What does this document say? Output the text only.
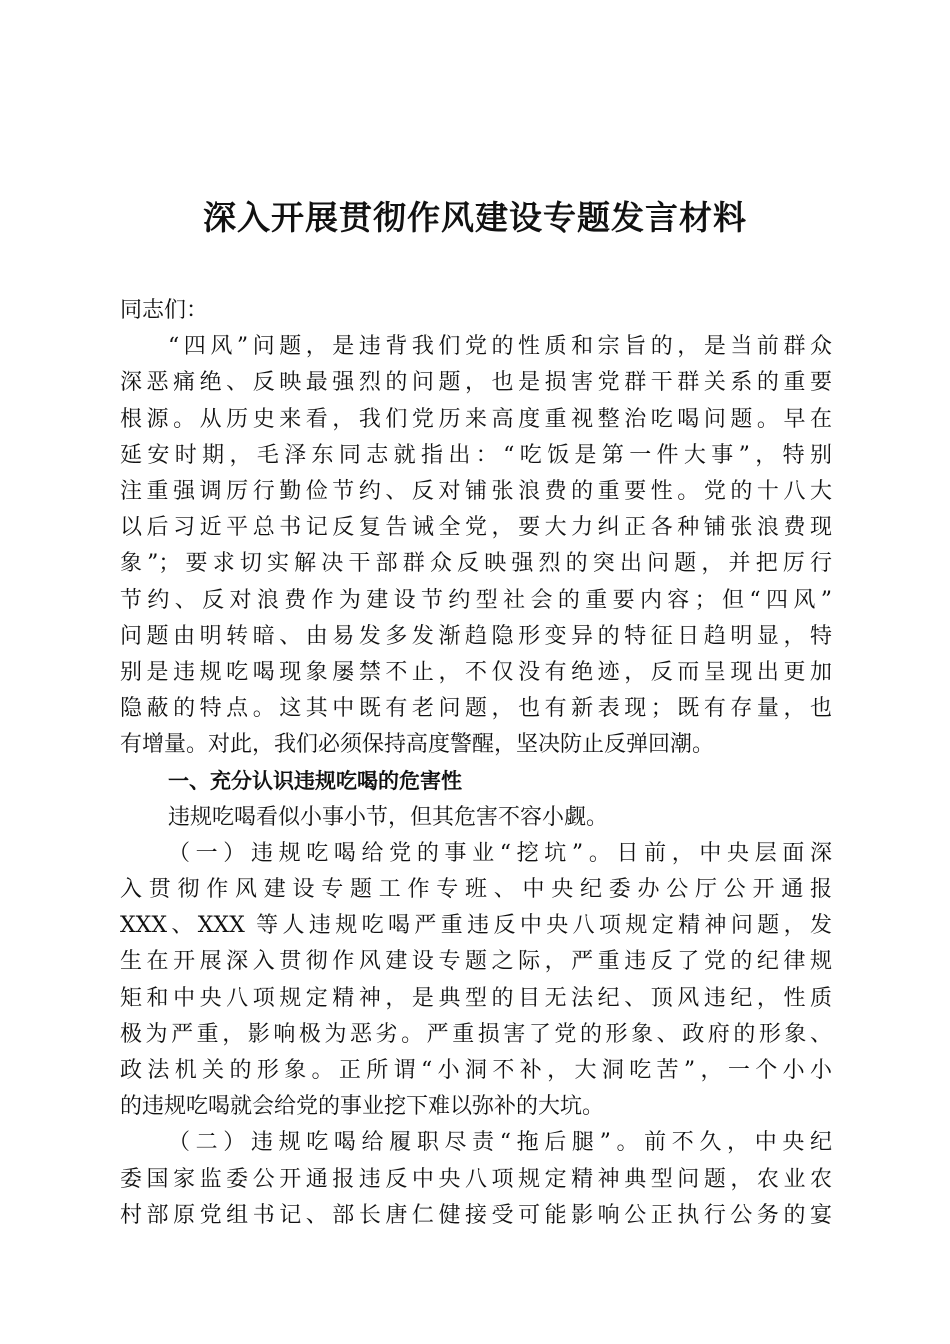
深入开展贯彻作风建设专题发言材料
同志们：
“四风”问题，是违背我们党的性质和宗旨的，是当前群众
深恶痛绝、反映最强烈的问题，也是损害党群干群关系的重要
根源。从历史来看，我们党历来高度重视整治吃喝问题。早在
延安时期，毛泽东同志就指出：“吃饭是第一件大事”，特别
注重强调厉行勤俭节约、反对铺张浪费的重要性。党的十八大
以后习近平总书记反复告诫全党，要大力纠正各种铺张浪费现
象”；要求切实解决干部群众反映强烈的突出问题，并把厉行
节约、反对浪费作为建设节约型社会的重要内容；但“四风”
问题由明转暗、由易发多发渐趋隐形变异的特征日趋明显，特
别是违规吃喝现象屡禁不止，不仅没有绝迹，反而呈现出更加
隐蔽的特点。这其中既有老问题，也有新表现；既有存量，也
有增量。对此，我们必须保持高度警醒，坚决防止反弹回潮。
一、充分认识违规吃喝的危害性
违规吃喝看似小事小节，但其危害不容小觑。
（一）违规吃喝给党的事业“挖坑”。日前，中央层面深
入贯彻作风建设专题工作专班、中央纪委办公厅公开通报
XXX、XXX 等人违规吃喝严重违反中央八项规定精神问题，发
生在开展深入贯彻作风建设专题之际，严重违反了党的纪律规
矩和中央八项规定精神，是典型的目无法纪、顶风违纪，性质
极为严重，影响极为恶劣。严重损害了党的形象、政府的形象、
政法机关的形象。正所谓“小洞不补，大洞吃苦”，一个小小
的违规吃喝就会给党的事业挖下难以弥补的大坑。
（二）违规吃喝给履职尽责“拖后腿”。前不久，中央纪
委国家监委公开通报违反中央八项规定精神典型问题，农业农
村部原党组书记、部长唐仁健接受可能影响公正执行公务的宴
